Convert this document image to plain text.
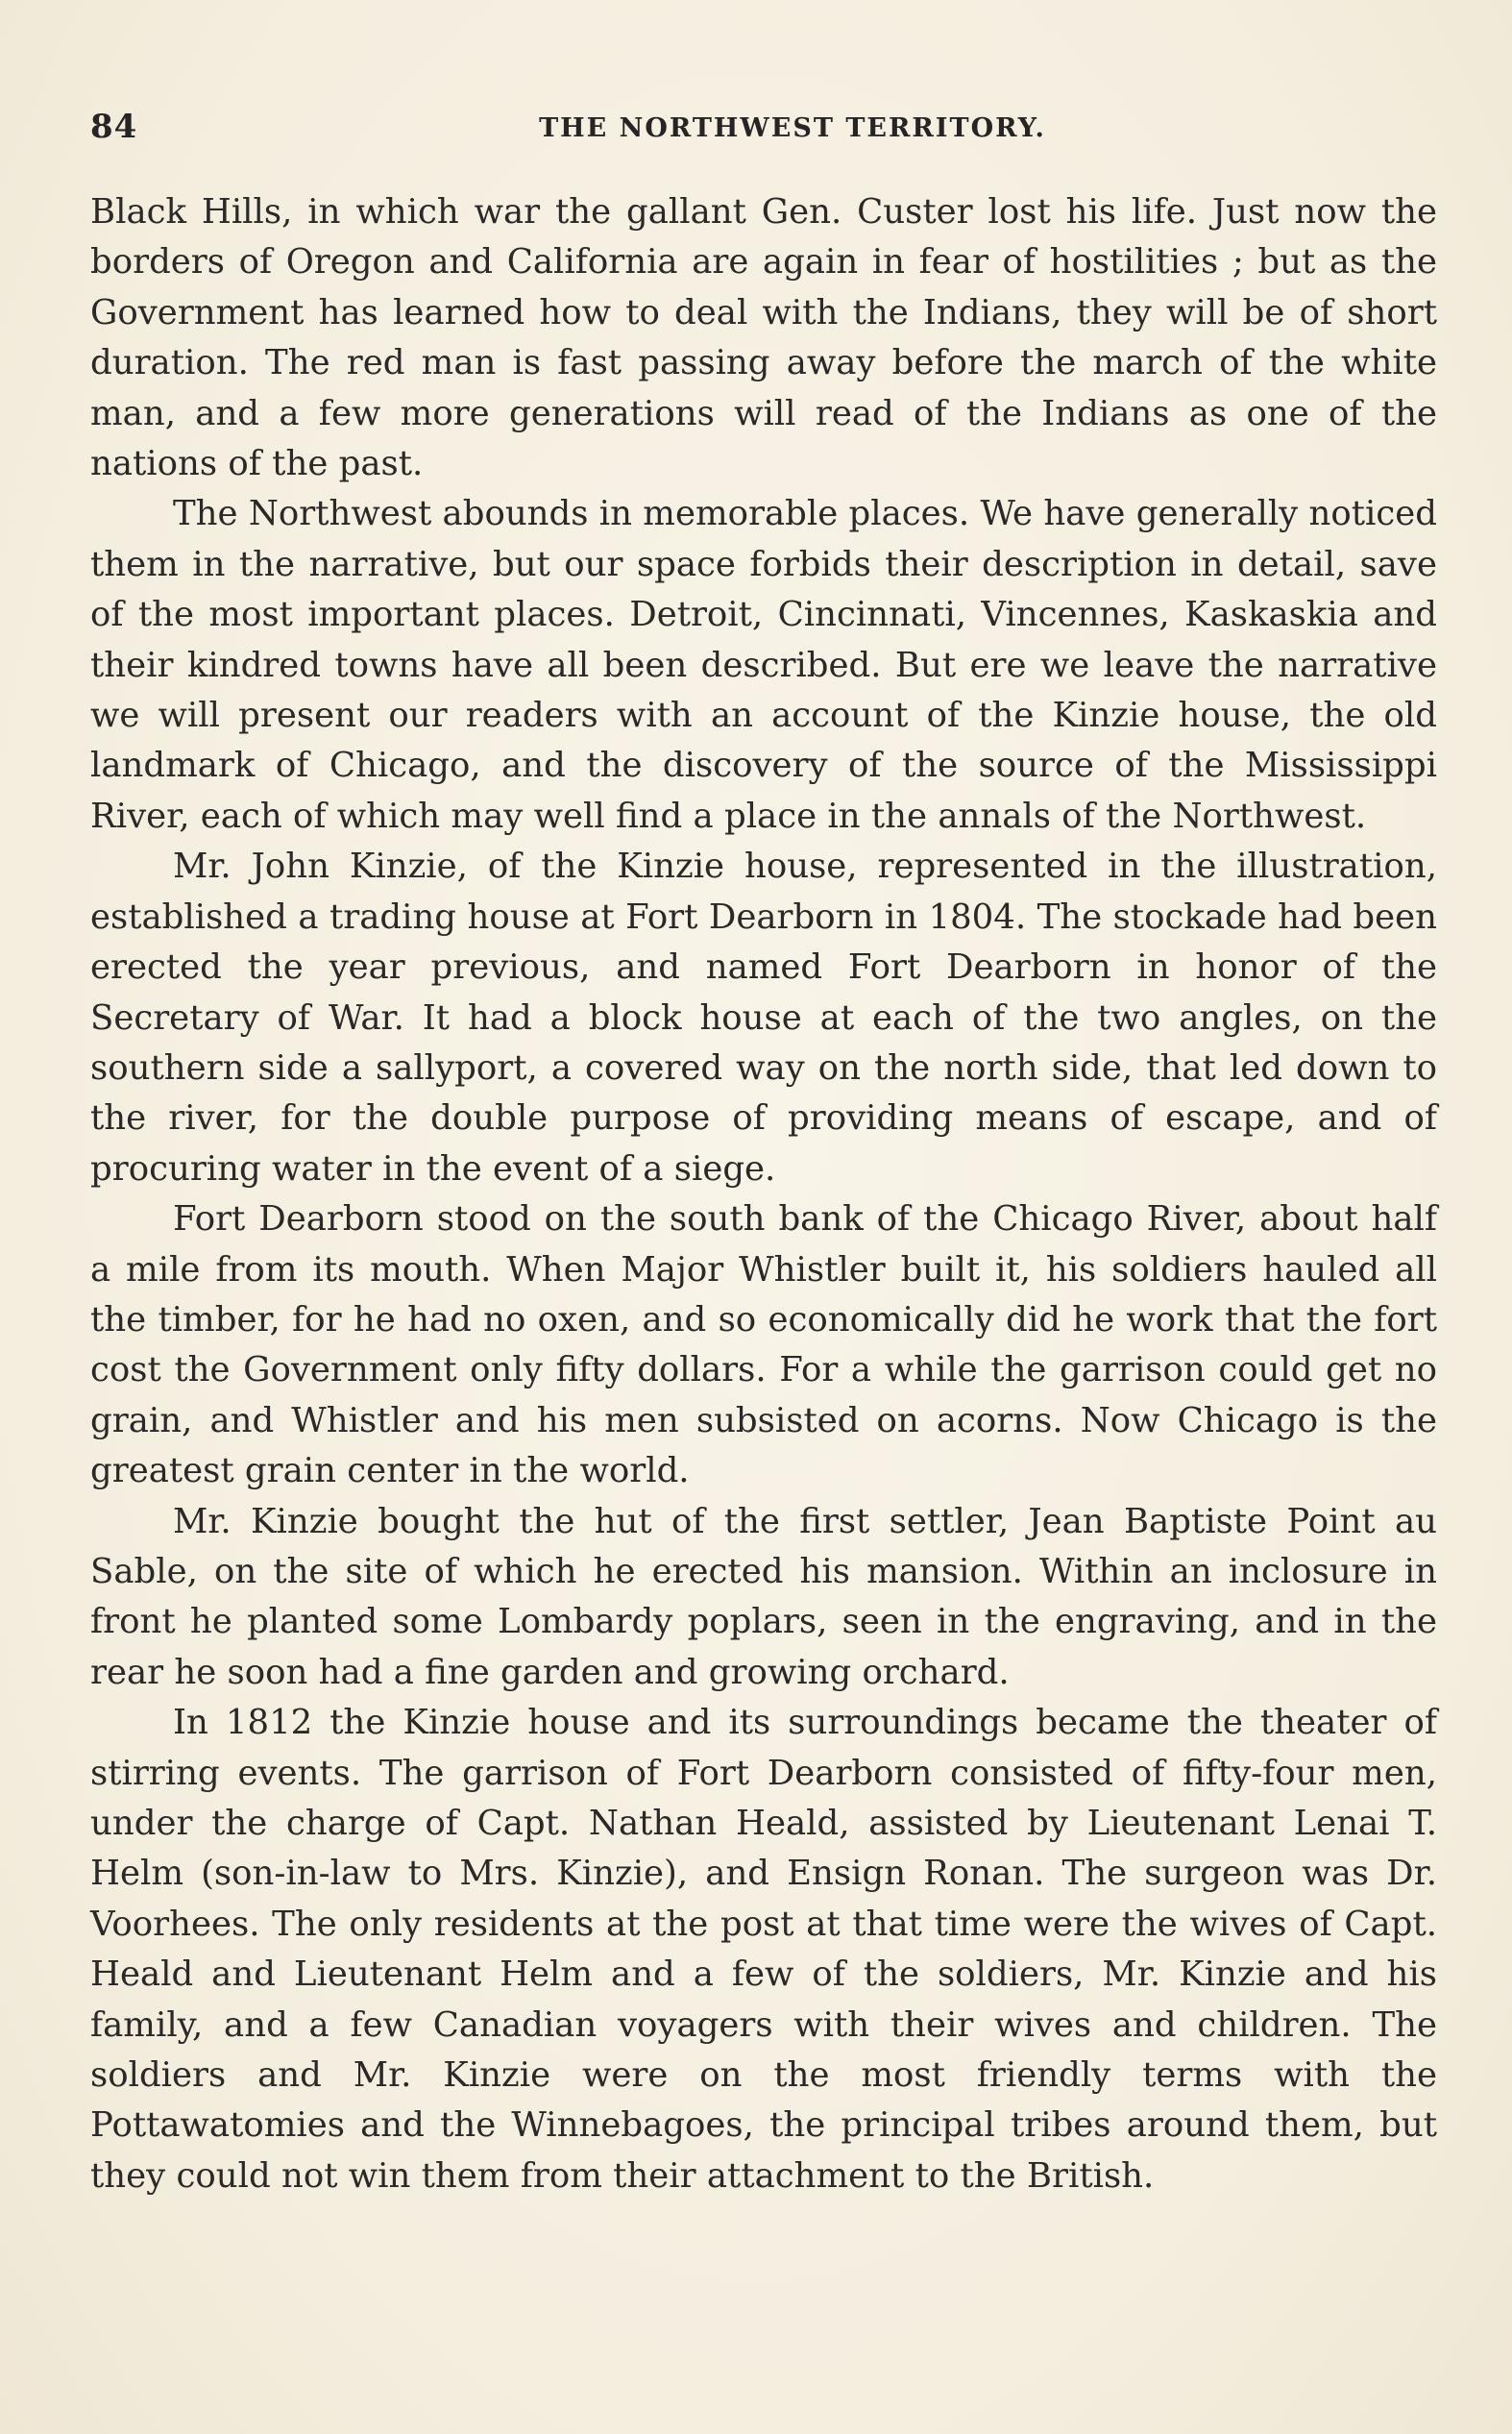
84	THE NORTHWEST TERRITORY.

Black Hills, in which war the gallant Gen. Custer lost his life. Just now the borders of Oregon and California are again in fear of hostilities ; but as the Government has learned how to deal with the Indians, they will be of short duration. The red man is fast passing away before the march of the white man, and a few more generations will read of the Indians as one of the nations of the past.

The Northwest abounds in memorable places. We have generally noticed them in the narrative, but our space forbids their description in detail, save of the most important places. Detroit, Cincinnati, Vincennes, Kaskaskia and their kindred towns have all been described. But ere we leave the narrative we will present our readers with an account of the Kinzie house, the old landmark of Chicago, and the discovery of the source of the Mississippi River, each of which may well find a place in the annals of the Northwest.

Mr. John Kinzie, of the Kinzie house, represented in the illustration, established a trading house at Fort Dearborn in 1804. The stockade had been erected the year previous, and named Fort Dearborn in honor of the Secretary of War. It had a block house at each of the two angles, on the southern side a sallyport, a covered way on the north side, that led down to the river, for the double purpose of providing means of escape, and of procuring water in the event of a siege.

Fort Dearborn stood on the south bank of the Chicago River, about half a mile from its mouth. When Major Whistler built it, his soldiers hauled all the timber, for he had no oxen, and so economically did he work that the fort cost the Government only fifty dollars. For a while the garrison could get no grain, and Whistler and his men subsisted on acorns. Now Chicago is the greatest grain center in the world.

Mr. Kinzie bought the hut of the first settler, Jean Baptiste Point au Sable, on the site of which he erected his mansion. Within an inclosure in front he planted some Lombardy poplars, seen in the engraving, and in the rear he soon had a fine garden and growing orchard.

In 1812 the Kinzie house and its surroundings became the theater of stirring events. The garrison of Fort Dearborn consisted of fifty-four men, under the charge of Capt. Nathan Heald, assisted by Lieutenant Lenai T. Helm (son-in-law to Mrs. Kinzie), and Ensign Ronan. The surgeon was Dr. Voorhees. The only residents at the post at that time were the wives of Capt. Heald and Lieutenant Helm and a few of the soldiers, Mr. Kinzie and his family, and a few Canadian voyagers with their wives and children. The soldiers and Mr. Kinzie were on the most friendly terms with the Pottawatomies and the Winnebagoes, the principal tribes around them, but they could not win them from their attachment to the British.
